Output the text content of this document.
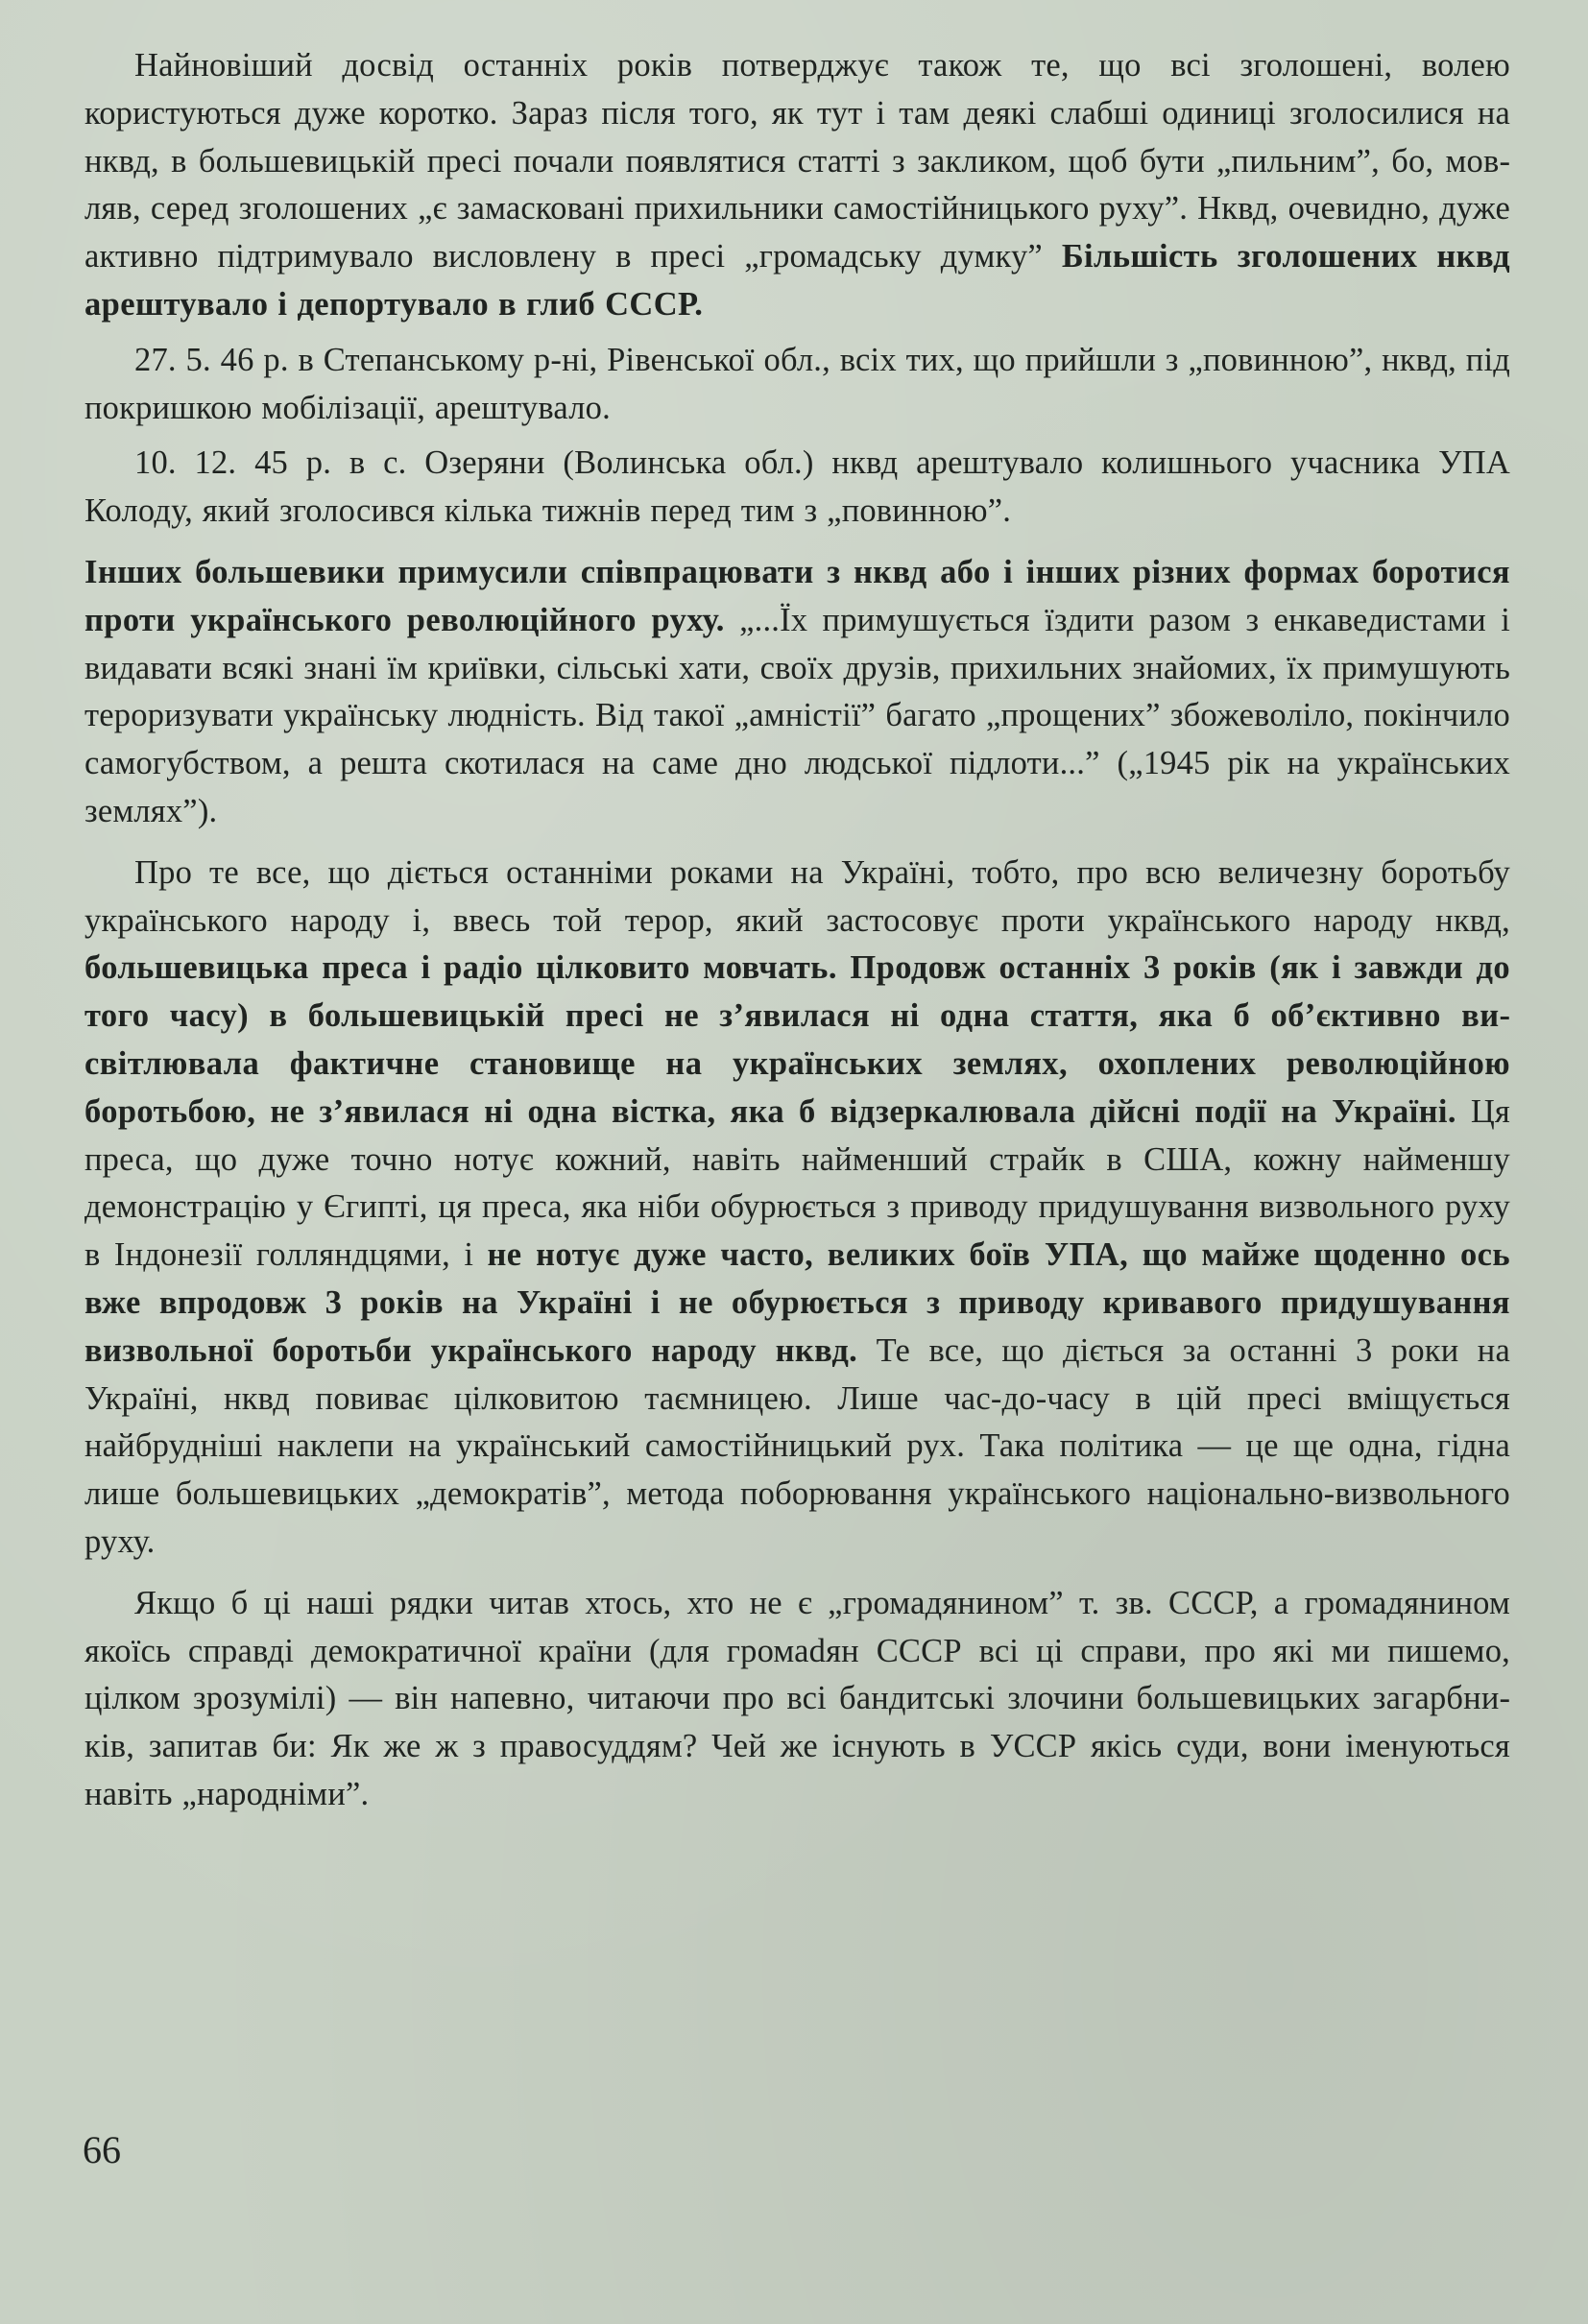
Найновіший досвід останніх років потверджує також те, що всі зголошені, волею користуються дуже коротко. Зараз після того, як тут і там деякі слабші одиниці зголосилися на нквд, в большевицькій пресі почали появлятися статті з закликом, щоб бути „пильним”, бо, мовляв, серед зголошених „є замасковані прихильники самостійницького руху”. Нквд, очевидно, дуже активно підтримувало висловлену в пресі „громадську думку” Більшість зголошених нквд арештувало і депортувало в глиб СССР.

27. 5. 46 р. в Степанському р-ні, Рівенської обл., всіх тих, що прийшли з „повинною”, нквд, під покришкою мобілізації, арештувало.

10. 12. 45 р. в с. Озеряни (Волинська обл.) нквд арештувало колишнього учасника УПА Колоду, який зголосився кілька тижнів перед тим з „повинною”.

Інших большевики примусили співпрацювати з нквд або і інших різних формах боротися проти українського революційного руху. „...Їх примушується їздити разом з енкаведистами і видавати всякі знані їм криївки, сільські хати, своїх друзів, прихильних знайомих, їх примушують тероризувати українську людність. Від такої „амністії” багато „прощених” збожеволіло, покінчило самогубством, а решта скотилася на саме дно людської підлоти...” („1945 рік на українських землях”).

Про те все, що діється останніми роками на Україні, тобто, про всю величезну боротьбу українського народу і, ввесь той терор, який застосовує проти українського народу нквд, большевицька преса і радіо цілковито мовчать. Продовж останніх 3 років (як і завжди до того часу) в большевицькій пресі не з’явилася ні одна стаття, яка б об’єктивно висвітлювала фактичне становище на українських землях, охоплених революційною боротьбою, не з’явилася ні одна вістка, яка б відзеркалювала дійсні події на Україні. Ця преса, що дуже точно нотує кожний, навіть найменший страйк в США, кожну найменшу демонстрацію у Єгипті, ця преса, яка ніби обурюється з приводу придушування визвольного руху в Індонезії голляндцями, і не нотує дуже часто, великих боїв УПА, що майже щоденно ось вже впродовж 3 років на Україні і не обурюється з приводу кривавого придушування визвольної боротьби українського народу нквд. Те все, що діється за останні 3 роки на Україні, нквд повиває цілковитою таємницею. Лише час-до-часу в цій пресі вміщується найбрудніші наклепи на український самостійницький рух. Така політика — це ще одна, гідна лише большевицьких „демократів”, метода поборювання українського національно-визвольного руху.

Якщо б ці наші рядки читав хтось, хто не є „громадянином” т. зв. СССР, а громадянином якоїсь справді демократичної країни (для громаdян СССР всі ці справи, про які ми пишемо, цілком зрозумілі) — він напевно, читаючи про всі бандитські злочини большевицьких загарбників, запитав би: Як же ж з правосуддям? Чей же існують в УССР якісь суди, вони іменуються навіть „народніми”.

66
